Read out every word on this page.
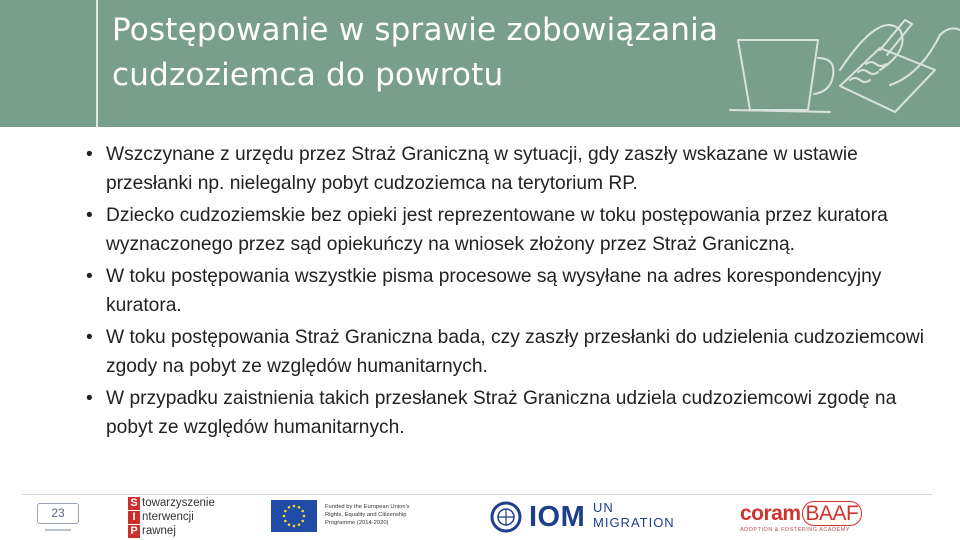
Postępowanie w sprawie zobowiązania cudzoziemca do powrotu
• Wszczynane z urzędu przez Straż Graniczną w sytuacji, gdy zaszły wskazane w ustawie przesłanki np. nielegalny pobyt cudzoziemca na terytorium RP.
• Dziecko cudzoziemskie bez opieki jest reprezentowane w toku postępowania przez kuratora wyznaczonego przez sąd opiekuńczy na wniosek złożony przez Straż Graniczną.
• W toku postępowania wszystkie pisma procesowe są wysyłane na adres korespondencyjny kuratora.
• W toku postępowania Straż Graniczna bada, czy zaszły przesłanki do udzielenia cudzoziemcowi zgody na pobyt ze względów humanitarnych.
• W przypadku zaistnienia takich przesłanek Straż Graniczna udziela cudzoziemcowi zgodę na pobyt ze względów humanitarnych.
23
S towarzyszenie
I nterwencji
P rawnej
Funded by the European Union's
Rights, Equality and Citizenship
Programme (2014-2020)	IOM UN
MIGRATION	coram BAAF
ADOPTION & FOSTERING ACADEMY
